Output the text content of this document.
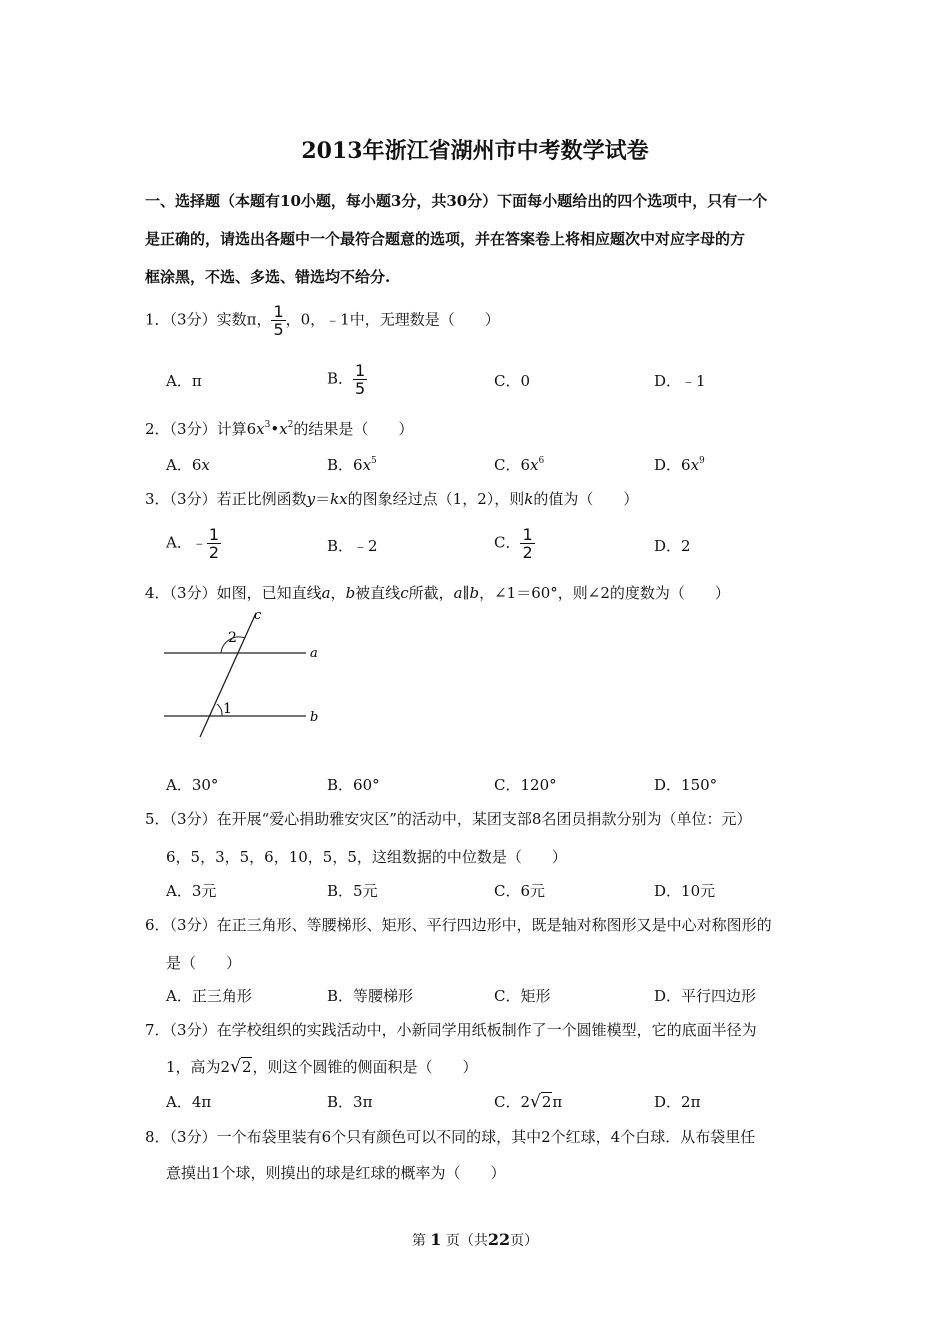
2013年浙江省湖州市中考数学试卷
一、选择题（本题有10小题，每小题3分，共30分）下面每小题给出的四个选项中，只有一个
是正确的，请选出各题中一个最符合题意的选项，并在答案卷上将相应题次中对应字母的方
框涂黑，不选、多选、错选均不给分.
1．（3分）实数π， $\frac{1}{5}$ ，0，﹣1中，无理数是（　　）
A．π	B． $\frac{1}{5}$	C．0	D．﹣1
2．（3分）计算$6x^3•x^2$的结果是（　　）
A．6x	B．$6x^5$	C．$6x^6$	D．$6x^9$
3．（3分）若正比例函数y＝kx的图象经过点（1，2），则k的值为（　　）
A．﹣ $\frac{1}{2}$	B．﹣2	C． $\frac{1}{2}$	D．2
4．（3分）如图，已知直线a，b被直线c所截，a∥b，∠1＝60°，则∠2的度数为（　　）
c
2
a
1
b
A．30°	B．60°	C．120°	D．150°
5．（3分）在开展“爱心捐助雅安灾区”的活动中，某团支部8名团员捐款分别为（单位：元）
6，5，3，5，6，10，5，5，这组数据的中位数是（　　）
A．3元	B．5元	C．6元	D．10元
6．（3分）在正三角形、等腰梯形、矩形、平行四边形中，既是轴对称图形又是中心对称图形的
是（　　）
A．正三角形	B．等腰梯形	C．矩形	D．平行四边形
7．（3分）在学校组织的实践活动中，小新同学用纸板制作了一个圆锥模型，它的底面半径为
1，高为2√2，则这个圆锥的侧面积是（　　）
A．4π	B．3π	C．2√2π	D．2π
8．（3分）一个布袋里装有6个只有颜色可以不同的球，其中2个红球，4个白球．从布袋里任
意摸出1个球，则摸出的球是红球的概率为（　　）
第 1 页（共22页）
